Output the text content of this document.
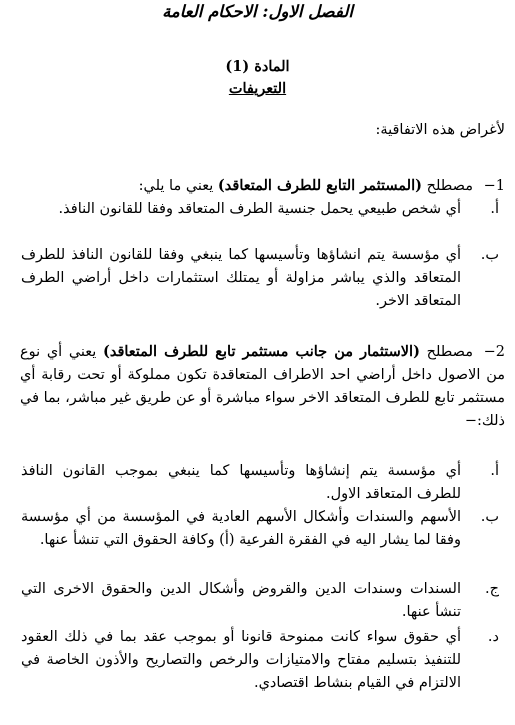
الفصل الاول: الاحكام العامة
المادة (1)
التعريفات
لأغراض هذه الاتفاقية:
1−مصطلح (المستثمر التابع للطرف المتعاقد) يعني ما يلي:
أ.
أي شخص طبيعي يحمل جنسية الطرف المتعاقد وفقا للقانون النافذ.
ب.
أي مؤسسة يتم انشاؤها وتأسيسها كما ينبغي وفقا للقانون النافذ للطرف المتعاقد والذي يباشر مزاولة أو يمتلك استثمارات داخل أراضي الطرف المتعاقد الاخر.
2−مصطلح (الاستثمار من جانب مستثمر تابع للطرف المتعاقد) يعني أي نوع من الاصول داخل أراضي احد الاطراف المتعاقدة تكون مملوكة أو تحت رقابة أي مستثمر تابع للطرف المتعاقد الاخر سواء مباشرة أو عن طريق غير مباشر، بما في ذلك:−
أ.
أي مؤسسة يتم إنشاؤها وتأسيسها كما ينبغي بموجب القانون النافذ للطرف المتعاقد الاول.
ب.
الأسهم والسندات وأشكال الأسهم العادية في المؤسسة من أي مؤسسة وفقا لما يشار اليه في الفقرة الفرعية (أ) وكافة الحقوق التي تنشأ عنها.
ج.
السندات وسندات الدين والقروض وأشكال الدين والحقوق الاخرى التي تنشأ عنها.
د.
أي حقوق سواء كانت ممنوحة قانونا أو بموجب عقد بما في ذلك العقود للتنفيذ بتسليم مفتاح والامتيازات والرخص والتصاريح والأذون الخاصة في الالتزام في القيام بنشاط اقتصادي.
